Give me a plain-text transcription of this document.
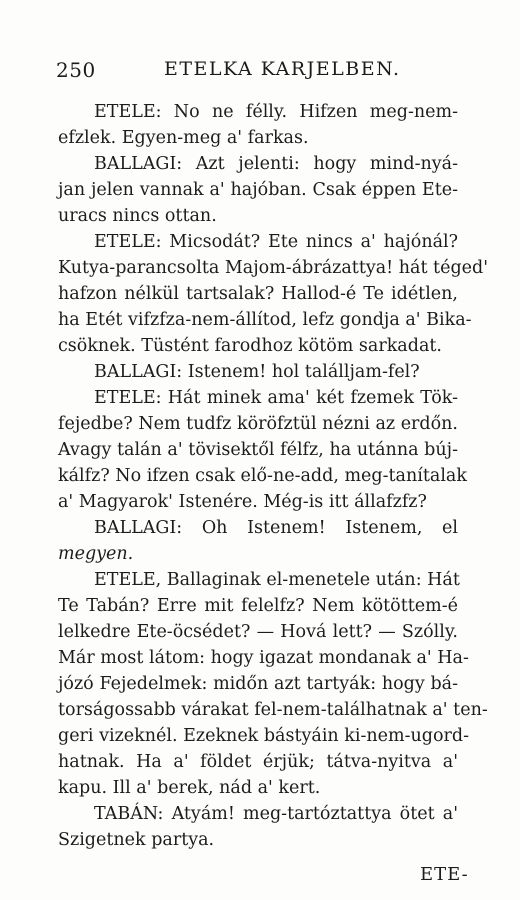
250	ETELKA KARJELBEN.
ETELE: No ne félly. Hifzen meg-nem-
efzlek. Egyen-meg a' farkas.
BALLAGI: Azt jelenti: hogy mind-nyá-
jan jelen vannak a' hajóban. Csak éppen Ete-
uracs nincs ottan.
ETELE: Micsodát? Ete nincs a' hajónál?
Kutya-parancsolta Majom-ábrázattya! hát téged'
hafzon nélkül tartsalak? Hallod-é Te idétlen,
ha Etét vifzfza-nem-állítod, lefz gondja a' Bika-
csöknek. Tüstént farodhoz kötöm sarkadat.
BALLAGI: Istenem! hol találljam-fel?
ETELE: Hát minek ama' két fzemek Tök-
fejedbe? Nem tudfz köröfztül nézni az erdőn.
Avagy talán a' tövisektől félfz, ha utánna búj-
kálfz? No ifzen csak elő-ne-add, meg-tanítalak
a' Magyarok' Istenére. Még-is itt állafzfz?
BALLAGI: Oh Istenem! Istenem, el
megyen.
ETELE, Ballaginak el-menetele után: Hát
Te Tabán? Erre mit felelfz? Nem kötöttem-é
lelkedre Ete-öcsédet? — Hová lett? — Szólly.
Már most látom: hogy igazat mondanak a' Ha-
józó Fejedelmek: midőn azt tartyák: hogy bá-
torságossabb várakat fel-nem-találhatnak a' ten-
geri vizeknél. Ezeknek bástyáin ki-nem-ugord-
hatnak. Ha a' földet érjük; tátva-nyitva a'
kapu. Ill a' berek, nád a' kert.
TABÁN: Atyám! meg-tartóztattya ötet a'
Szigetnek partya.
ETE-
